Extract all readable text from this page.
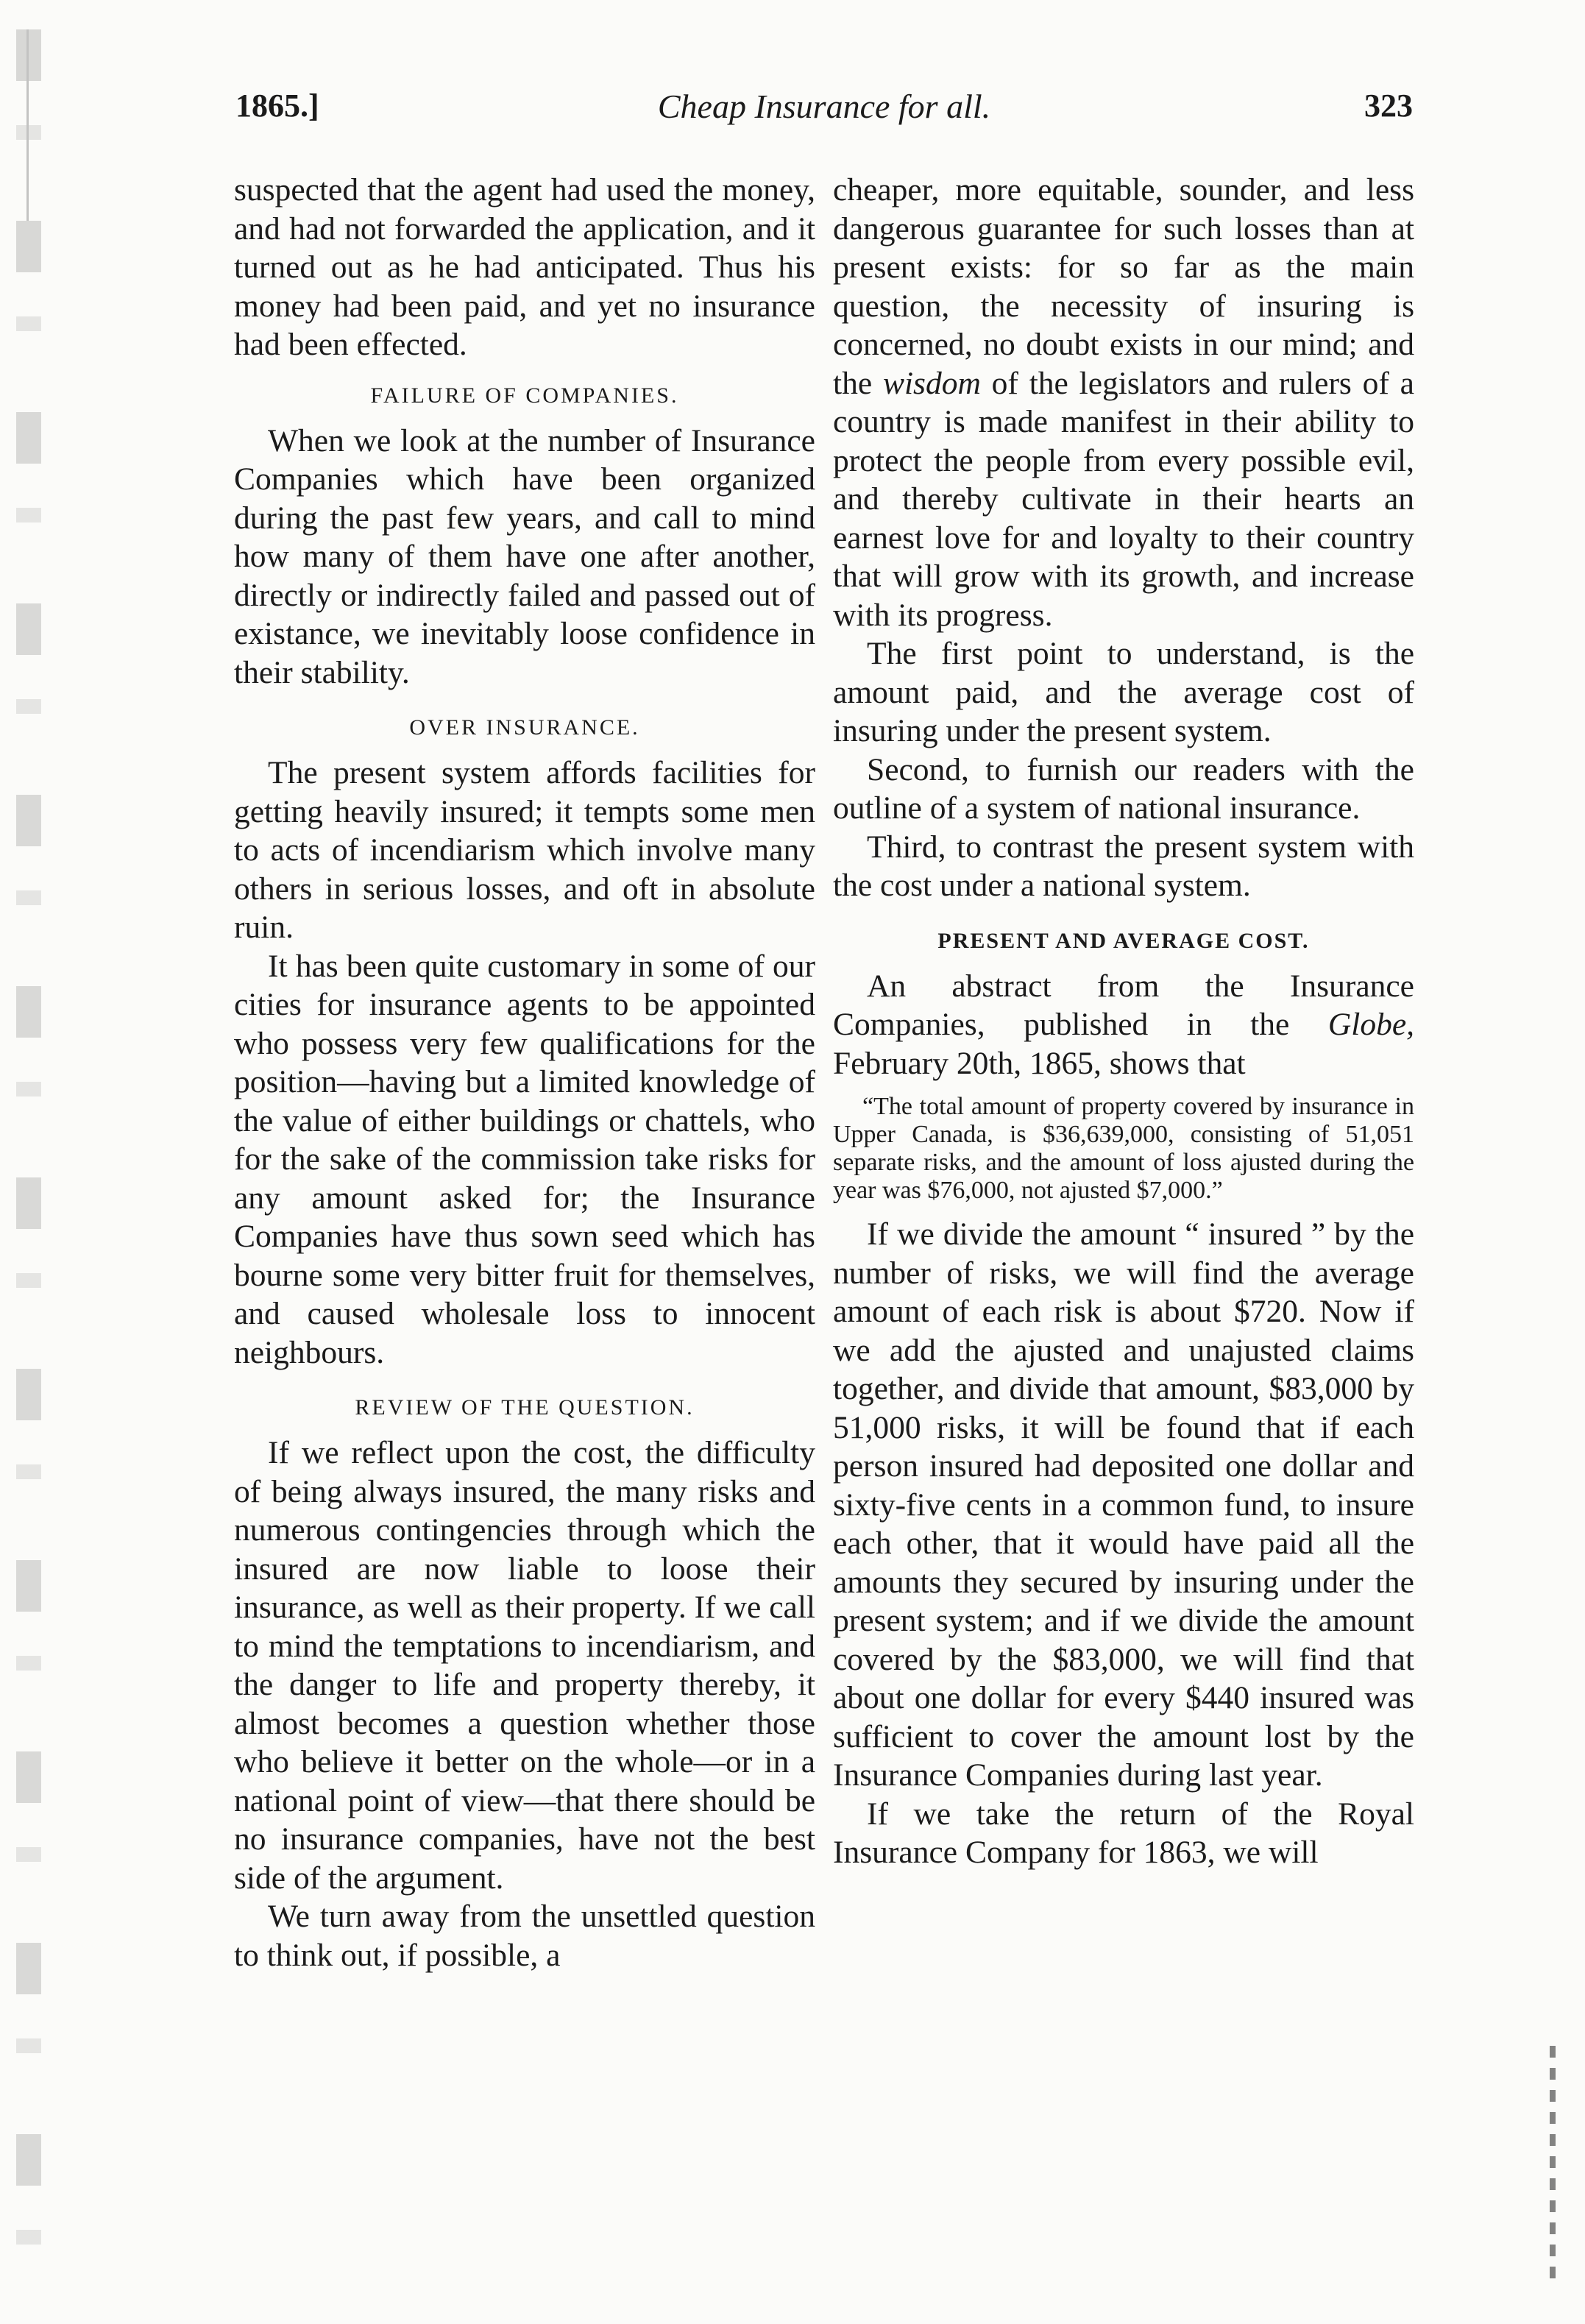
1865.]	Cheap Insurance for all.	323

suspected that the agent had used the money, and had not forwarded the application, and it turned out as he had anticipated. Thus his money had been paid, and yet no insurance had been effected.

FAILURE OF COMPANIES.

When we look at the number of Insurance Companies which have been organized during the past few years, and call to mind how many of them have one after another, directly or indirectly failed and passed out of existance, we inevitably loose confidence in their stability.

OVER INSURANCE.

The present system affords facilities for getting heavily insured; it tempts some men to acts of incendiarism which involve many others in serious losses, and oft in absolute ruin.

It has been quite customary in some of our cities for insurance agents to be appointed who possess very few qualifications for the position—having but a limited knowledge of the value of either buildings or chattels, who for the sake of the commission take risks for any amount asked for; the Insurance Companies have thus sown seed which has bourne some very bitter fruit for themselves, and caused wholesale loss to innocent neighbours.

REVIEW OF THE QUESTION.

If we reflect upon the cost, the difficulty of being always insured, the many risks and numerous contingencies through which the insured are now liable to loose their insurance, as well as their property. If we call to mind the temptations to incendiarism, and the danger to life and property thereby, it almost becomes a question whether those who believe it better on the whole—or in a national point of view—that there should be no insurance companies, have not the best side of the argument.

We turn away from the unsettled question to think out, if possible, a

cheaper, more equitable, sounder, and less dangerous guarantee for such losses than at present exists: for so far as the main question, the necessity of insuring is concerned, no doubt exists in our mind; and the wisdom of the legislators and rulers of a country is made manifest in their ability to protect the people from every possible evil, and thereby cultivate in their hearts an earnest love for and loyalty to their country that will grow with its growth, and increase with its progress.

The first point to understand, is the amount paid, and the average cost of insuring under the present system.

Second, to furnish our readers with the outline of a system of national insurance.

Third, to contrast the present system with the cost under a national system.

PRESENT AND AVERAGE COST.

An abstract from the Insurance Companies, published in the Globe, February 20th, 1865, shows that

“The total amount of property covered by insurance in Upper Canada, is $36,639,000, consisting of 51,051 separate risks, and the amount of loss ajusted during the year was $76,000, not ajusted $7,000.”

If we divide the amount “ insured ” by the number of risks, we will find the average amount of each risk is about $720. Now if we add the ajusted and unajusted claims together, and divide that amount, $83,000 by 51,000 risks, it will be found that if each person insured had deposited one dollar and sixty-five cents in a common fund, to insure each other, that it would have paid all the amounts they secured by insuring under the present system; and if we divide the amount covered by the $83,000, we will find that about one dollar for every $440 insured was sufficient to cover the amount lost by the Insurance Companies during last year.

If we take the return of the Royal Insurance Company for 1863, we will
